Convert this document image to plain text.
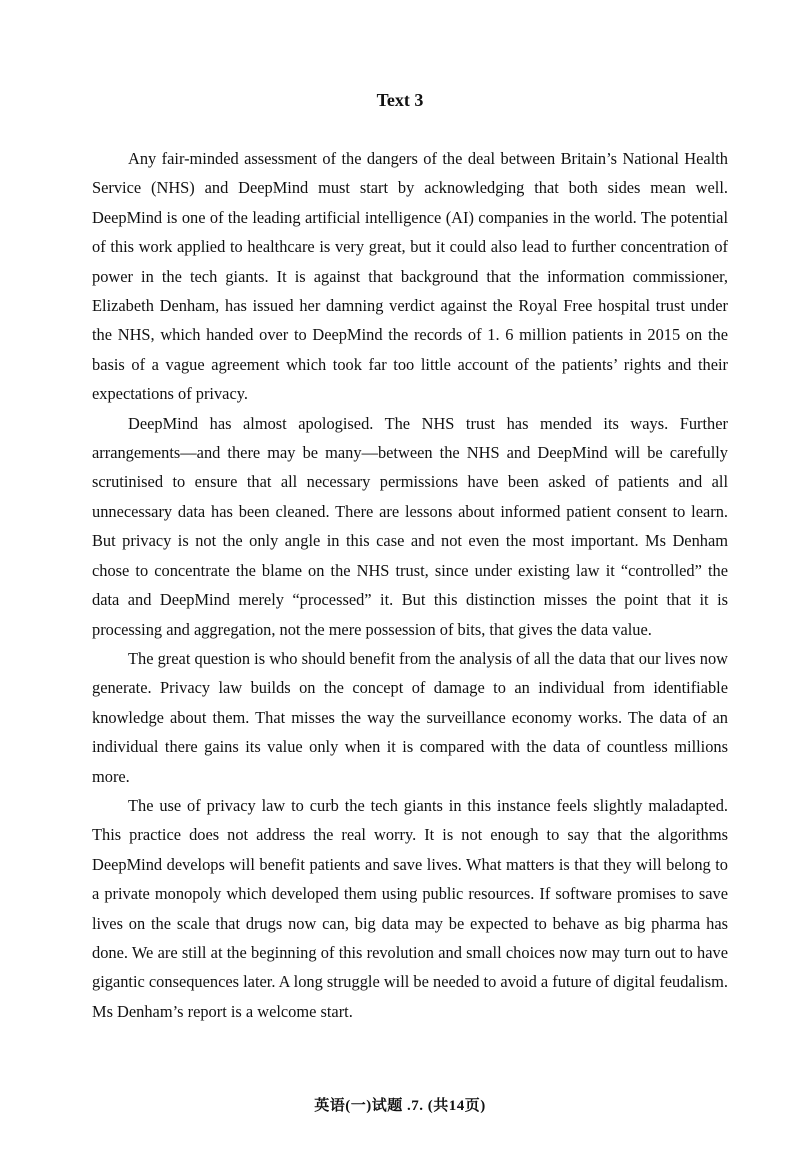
Text 3

Any fair-minded assessment of the dangers of the deal between Britain’s National Health Service (NHS) and DeepMind must start by acknowledging that both sides mean well. DeepMind is one of the leading artificial intelligence (AI) companies in the world. The potential of this work applied to healthcare is very great, but it could also lead to further concentration of power in the tech giants. It is against that background that the information commissioner, Elizabeth Denham, has issued her damning verdict against the Royal Free hospital trust under the NHS, which handed over to DeepMind the records of 1. 6 million patients in 2015 on the basis of a vague agreement which took far too little account of the patients’ rights and their expectations of privacy.

DeepMind has almost apologised. The NHS trust has mended its ways. Further arrangements—and there may be many—between the NHS and DeepMind will be carefully scrutinised to ensure that all necessary permissions have been asked of patients and all unnecessary data has been cleaned. There are lessons about informed patient consent to learn. But privacy is not the only angle in this case and not even the most important. Ms Denham chose to concentrate the blame on the NHS trust, since under existing law it “controlled” the data and DeepMind merely “processed” it. But this distinction misses the point that it is processing and aggregation, not the mere possession of bits, that gives the data value.

The great question is who should benefit from the analysis of all the data that our lives now generate. Privacy law builds on the concept of damage to an individual from identifiable knowledge about them. That misses the way the surveillance economy works. The data of an individual there gains its value only when it is compared with the data of countless millions more.

The use of privacy law to curb the tech giants in this instance feels slightly maladapted. This practice does not address the real worry. It is not enough to say that the algorithms DeepMind develops will benefit patients and save lives. What matters is that they will belong to a private monopoly which developed them using public resources. If software promises to save lives on the scale that drugs now can, big data may be expected to behave as big pharma has done. We are still at the beginning of this revolution and small choices now may turn out to have gigantic consequences later. A long struggle will be needed to avoid a future of digital feudalism. Ms Denham’s report is a welcome start.

英语(一)试题 .7. (共14页)
